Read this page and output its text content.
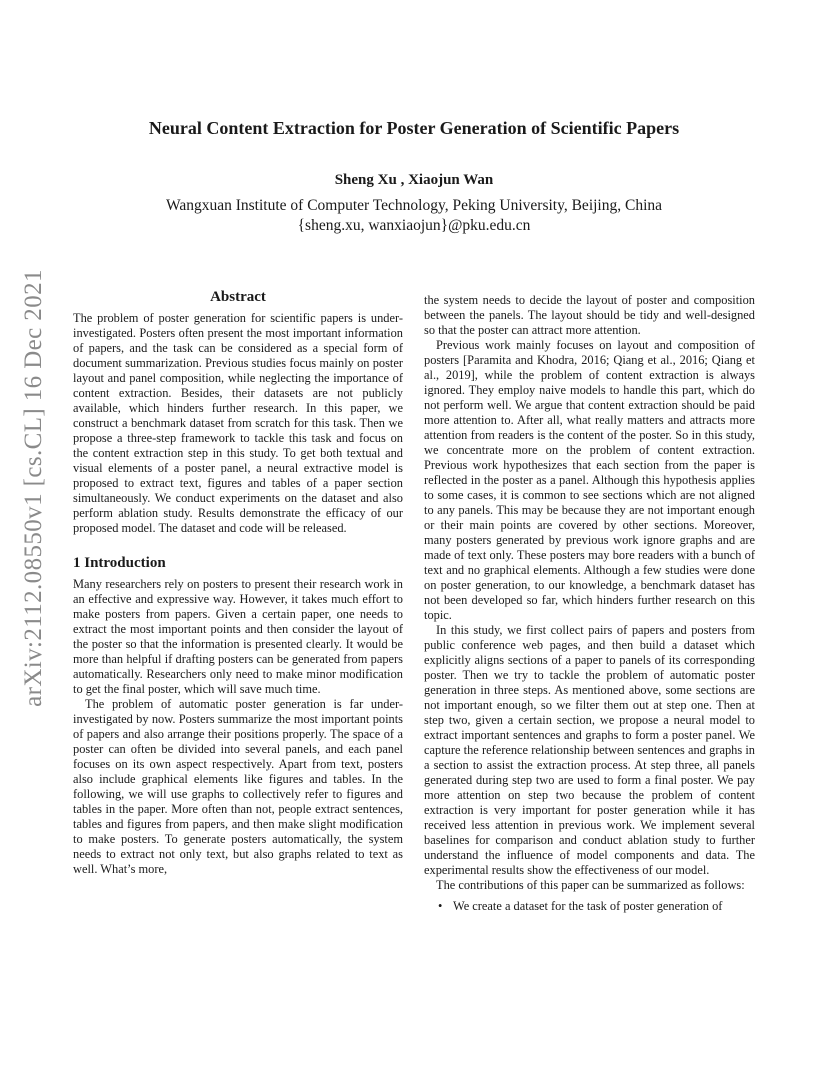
arXiv:2112.08550v1 [cs.CL] 16 Dec 2021
Neural Content Extraction for Poster Generation of Scientific Papers
Sheng Xu , Xiaojun Wan
Wangxuan Institute of Computer Technology, Peking University, Beijing, China
{sheng.xu, wanxiaojun}@pku.edu.cn
Abstract

The problem of poster generation for scientific papers is under-investigated. Posters often present the most important information of papers, and the task can be considered as a special form of document summarization. Previous studies focus mainly on poster layout and panel composition, while neglecting the importance of content extraction. Besides, their datasets are not publicly available, which hinders further research. In this paper, we construct a benchmark dataset from scratch for this task. Then we propose a three-step framework to tackle this task and focus on the content extraction step in this study. To get both textual and visual elements of a poster panel, a neural extractive model is proposed to extract text, figures and tables of a paper section simultaneously. We conduct experiments on the dataset and also perform ablation study. Results demonstrate the efficacy of our proposed model. The dataset and code will be released.

1 Introduction

Many researchers rely on posters to present their research work in an effective and expressive way. However, it takes much effort to make posters from papers. Given a certain paper, one needs to extract the most important points and then consider the layout of the poster so that the information is presented clearly. It would be more than helpful if drafting posters can be generated from papers automatically. Researchers only need to make minor modification to get the final poster, which will save much time.

The problem of automatic poster generation is far under-investigated by now. Posters summarize the most important points of papers and also arrange their positions properly. The space of a poster can often be divided into several panels, and each panel focuses on its own aspect respectively. Apart from text, posters also include graphical elements like figures and tables. In the following, we will use graphs to collectively refer to figures and tables in the paper. More often than not, people extract sentences, tables and figures from papers, and then make slight modification to make posters. To generate posters automatically, the system needs to extract not only text, but also graphs related to text as well. What’s more,

the system needs to decide the layout of poster and composition between the panels. The layout should be tidy and well-designed so that the poster can attract more attention.

Previous work mainly focuses on layout and composition of posters [Paramita and Khodra, 2016; Qiang et al., 2016; Qiang et al., 2019], while the problem of content extraction is always ignored. They employ naive models to handle this part, which do not perform well. We argue that content extraction should be paid more attention to. After all, what really matters and attracts more attention from readers is the content of the poster. So in this study, we concentrate more on the problem of content extraction. Previous work hypothesizes that each section from the paper is reflected in the poster as a panel. Although this hypothesis applies to some cases, it is common to see sections which are not aligned to any panels. This may be because they are not important enough or their main points are covered by other sections. Moreover, many posters generated by previous work ignore graphs and are made of text only. These posters may bore readers with a bunch of text and no graphical elements. Although a few studies were done on poster generation, to our knowledge, a benchmark dataset has not been developed so far, which hinders further research on this topic.

In this study, we first collect pairs of papers and posters from public conference web pages, and then build a dataset which explicitly aligns sections of a paper to panels of its corresponding poster. Then we try to tackle the problem of automatic poster generation in three steps. As mentioned above, some sections are not important enough, so we filter them out at step one. Then at step two, given a certain section, we propose a neural model to extract important sentences and graphs to form a poster panel. We capture the reference relationship between sentences and graphs in a section to assist the extraction process. At step three, all panels generated during step two are used to form a final poster. We pay more attention on step two because the problem of content extraction is very important for poster generation while it has received less attention in previous work. We implement several baselines for comparison and conduct ablation study to further understand the influence of model components and data. The experimental results show the effectiveness of our model.

The contributions of this paper can be summarized as follows:

• We create a dataset for the task of poster generation of
